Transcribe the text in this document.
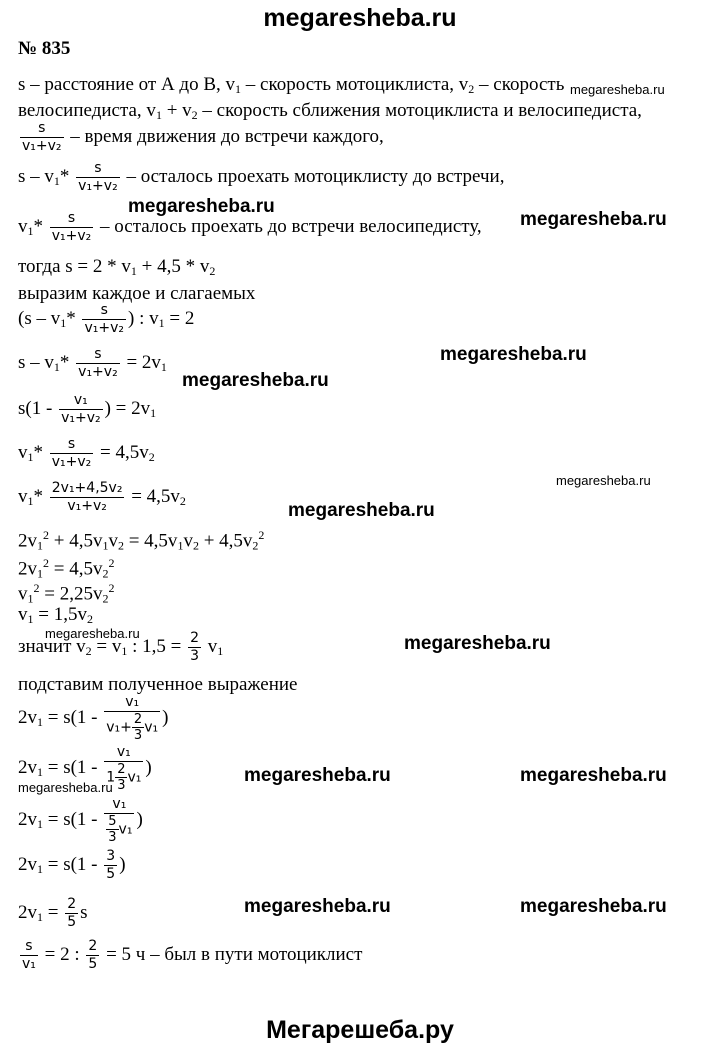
megaresheba.ru
№ 835
s – расстояние от А до В, $v_1$ – скорость мотоциклиста, $v_2$ – скорость
велосипедиста, $v_1 + v_2$ – скорость сближения мотоциклиста и велосипедиста,
$\frac{s}{\text{v₁+v₂}}$ – время движения до встречи каждого,
s – $v_1* \frac{s}{\text{v₁+v₂}}$ – осталось проехать мотоциклисту до встречи,
$v_1* \frac{s}{\text{v₁+v₂}}$ – осталось проехать до встречи велосипедисту,
тогда $s = 2 * v_1 + 4,5 * v_2$
выразим каждое и слагаемых
($s - v_1* \frac{s}{\text{v₁+v₂}}$ ) : $v_1 = 2$
$s - v_1* \frac{s}{\text{v₁+v₂}} = 2v_1$
$s(1 - \frac{\text{v₁}}{\text{v₁+v₂}}$ ) = $2v_1$
$v_1* \frac{s}{\text{v₁+v₂}} = 4,5v_2$
$v_1* \frac{\text{2v₁+4,5v₂}}{\text{v₁+v₂}} = 4,5v_2$
$2v_1^2 + 4,5v_1v_2 = 4,5v_1v_2 + 4,5v_2^2$
$2v_1^2 = 4,5v_2^2$
$v_1^2 = 2,25v_2^2$
$v_1 = 1,5v_2$
значит $v_2 = v_1$ : $1,5 = \frac{2}{3} v_1$
подставим полученное выражение
$2v_1 = s(1 - \frac{\text{v₁}}{v_1+ \frac{2}{3} v_1}$ )
$2v_1 = s(1 - \frac{\text{v₁}}{1 \frac{2}{3} v_1}$ )
$2v_1 = s(1 - \frac{\text{v₁}}{\frac{5}{3} v_1}$ )
$2v_1 = s(1 - \frac{3}{5}$ )
$2v_1 = \frac{2}{5}$ s
$\frac{s}{\text{v₁}} = 2$ : $\frac{2}{5} = 5$ ч – был в пути мотоциклист
megaresheba.ru
megaresheba.ru
megaresheba.ru
megaresheba.ru
megaresheba.ru
megaresheba.ru
megaresheba.ru
megaresheba.ru	megaresheba.ru
megaresheba.ru	megaresheba.ru
megaresheba.ru
megaresheba.ru	megaresheba.ru
Мегарешеба.ру
